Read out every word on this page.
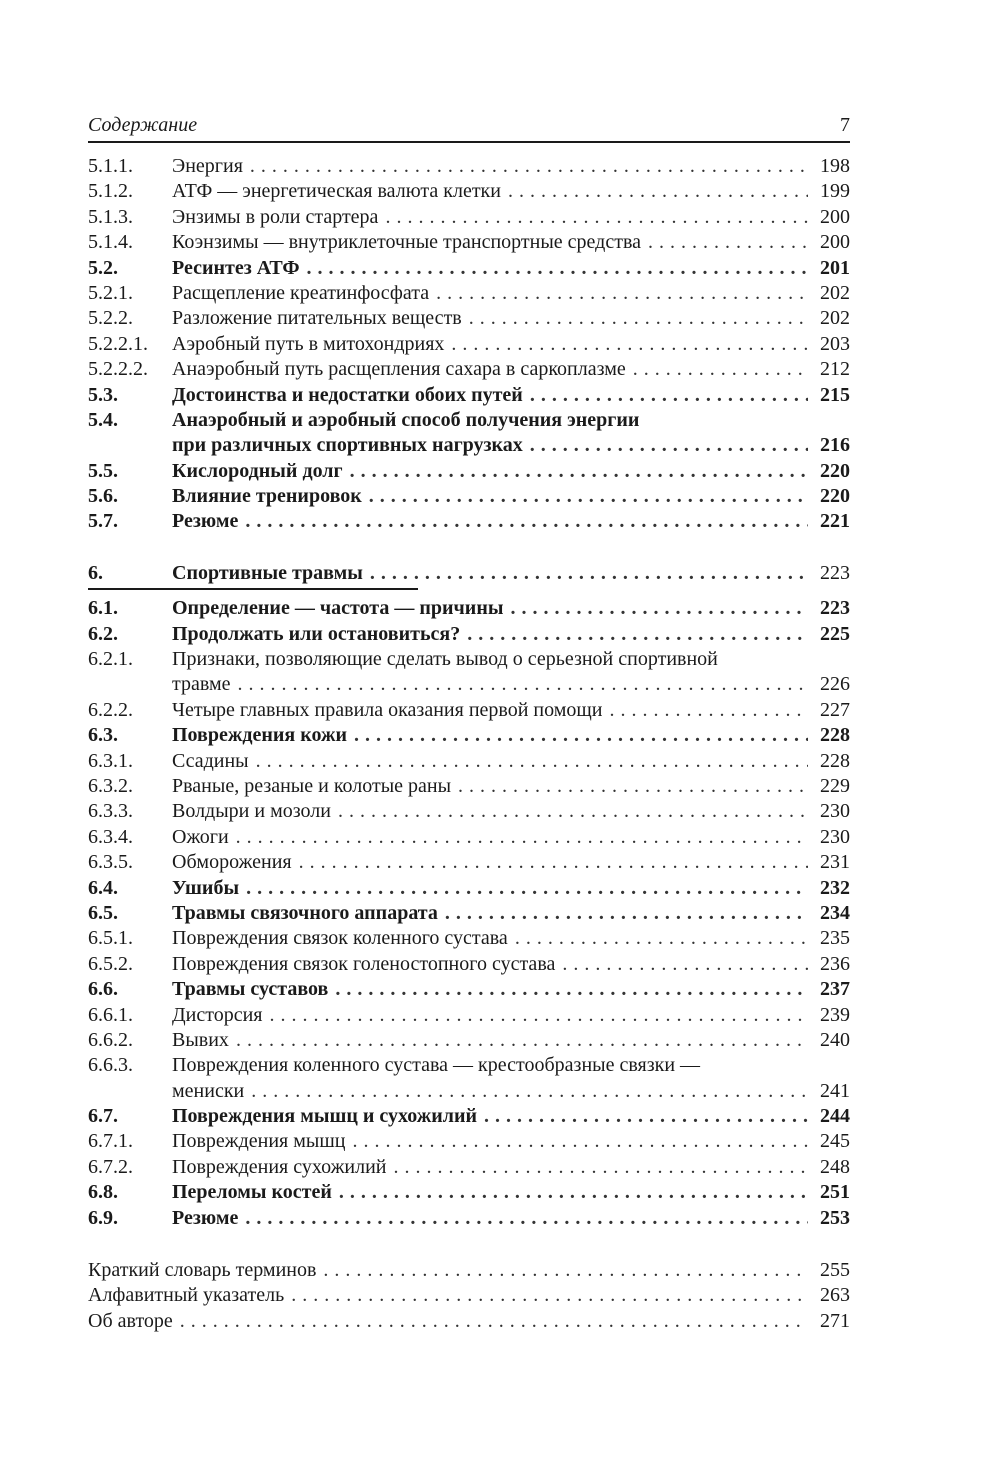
Содержание	7
5.1.1.	Энергия . . .	198
5.1.2.	АТФ — энергетическая валюта клетки . . .	199
5.1.3.	Энзимы в роли стартера . . .	200
5.1.4.	Коэнзимы — внутриклеточные транспортные средства . . .	200
5.2.	Ресинтез АТФ . . .	201
5.2.1.	Расщепление креатинфосфата . . .	202
5.2.2.	Разложение питательных веществ . . .	202
5.2.2.1.	Аэробный путь в митохондриях . . .	203
5.2.2.2.	Анаэробный путь расщепления сахара в саркоплазме . . .	212
5.3.	Достоинства и недостатки обоих путей . . .	215
5.4.	Анаэробный и аэробный способ получения энергии
при различных спортивных нагрузках . . .	216
5.5.	Кислородный долг . . .	220
5.6.	Влияние тренировок . . .	220
5.7.	Резюме . . .	221
6.	Спортивные травмы . . .	223
6.1.	Определение — частота — причины . . .	223
6.2.	Продолжать или остановиться? . . .	225
6.2.1.	Признаки, позволяющие сделать вывод о серьезной спортивной
травме . . .	226
6.2.2.	Четыре главных правила оказания первой помощи . . .	227
6.3.	Повреждения кожи . . .	228
6.3.1.	Ссадины . . .	228
6.3.2.	Рваные, резаные и колотые раны . . .	229
6.3.3.	Волдыри и мозоли . . .	230
6.3.4.	Ожоги . . .	230
6.3.5.	Обморожения . . .	231
6.4.	Ушибы . . .	232
6.5.	Травмы связочного аппарата . . .	234
6.5.1.	Повреждения связок коленного сустава . . .	235
6.5.2.	Повреждения связок голеностопного сустава . . .	236
6.6.	Травмы суставов . . .	237
6.6.1.	Дисторсия . . .	239
6.6.2.	Вывих . . .	240
6.6.3.	Повреждения коленного сустава — крестообразные связки —
мениски . . .	241
6.7.	Повреждения мышц и сухожилий . . .	244
6.7.1.	Повреждения мышц . . .	245
6.7.2.	Повреждения сухожилий . . .	248
6.8.	Переломы костей . . .	251
6.9.	Резюме . . .	253
Краткий словарь терминов . . .	255
Алфавитный указатель . . .	263
Об авторе . . .	271
